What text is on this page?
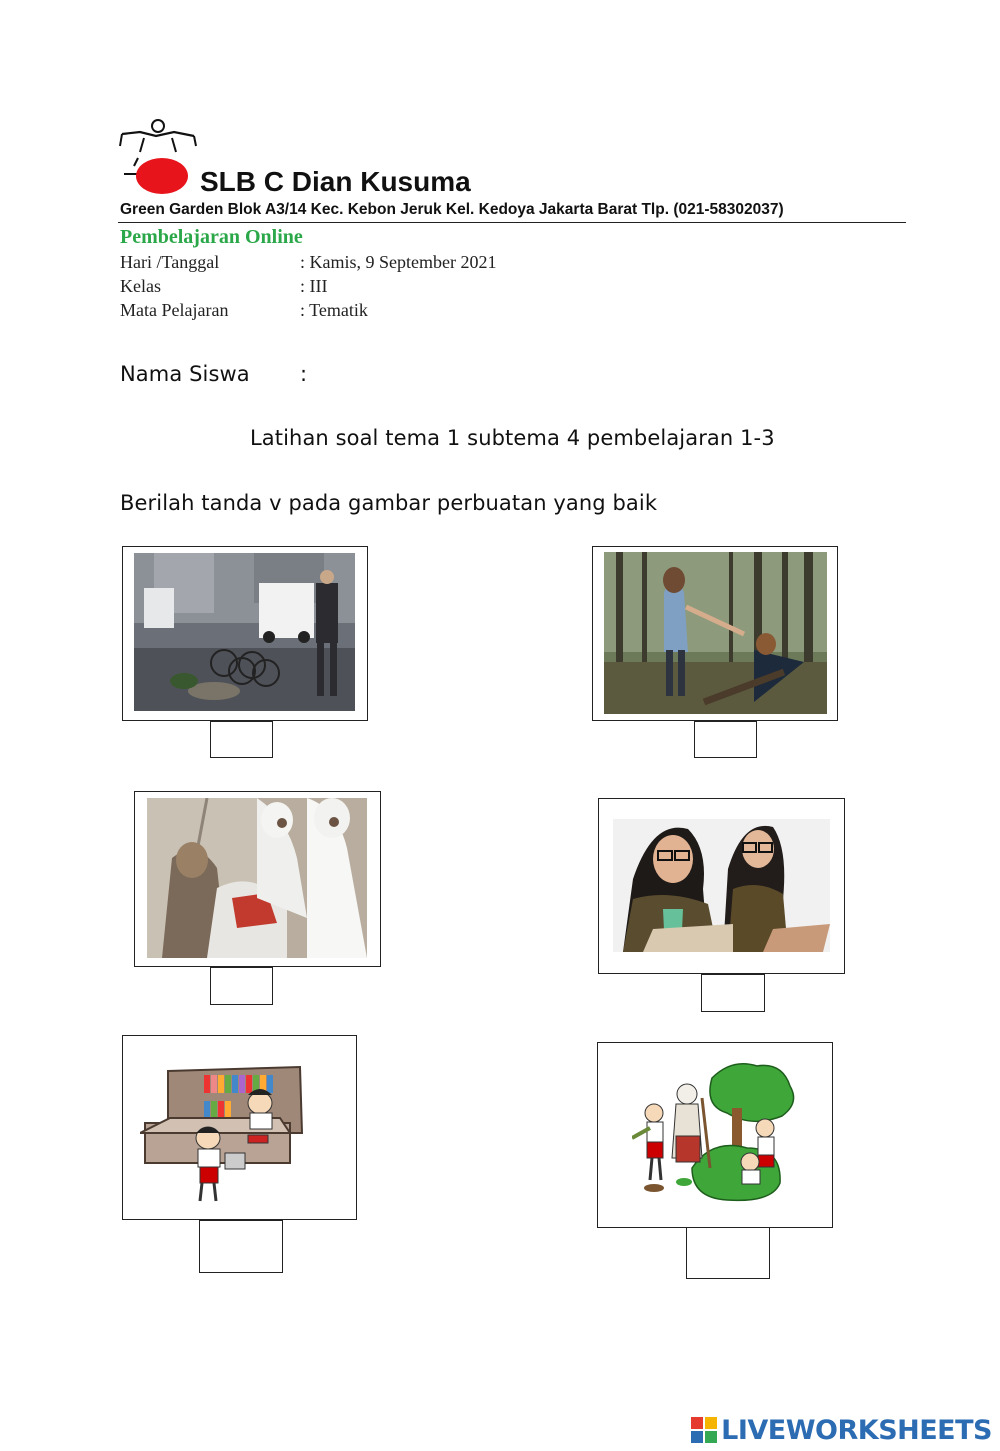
SLB C Dian Kusuma
Green Garden Blok A3/14 Kec. Kebon Jeruk Kel. Kedoya Jakarta Barat Tlp. (021-58302037)
Pembelajaran Online
Hari /Tanggal	: Kamis, 9 September 2021
Kelas	: III
Mata Pelajaran	: Tematik
Nama Siswa :
Latihan soal tema 1 subtema 4 pembelajaran 1-3
Berilah tanda v pada gambar perbuatan yang baik
LIVEWORKSHEETS
